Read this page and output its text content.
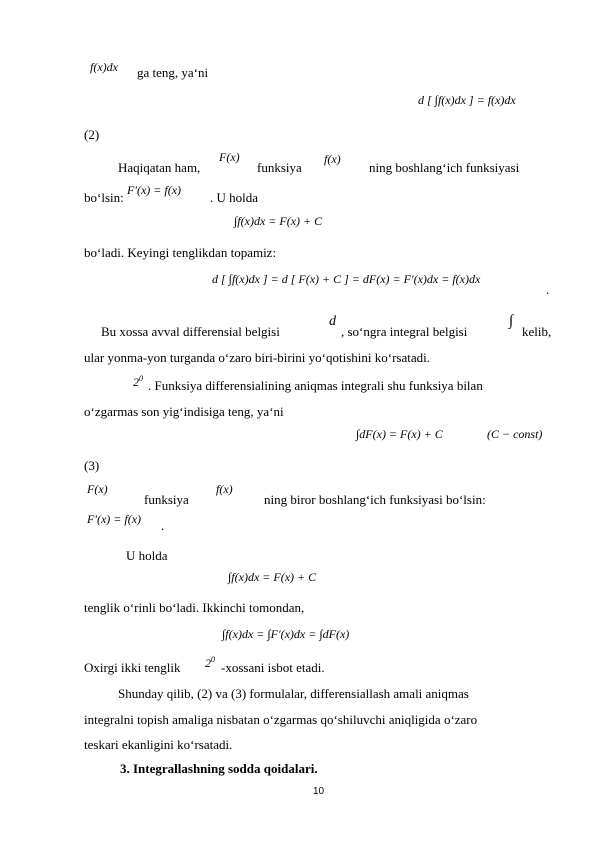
f(x)dx ga teng, ya‘ni
d [ ∫f(x)dx ] = f(x)dx
(2)
Haqiqatan ham,
F(x)
funksiya
f(x)
ning boshlang‘ich funksiyasi
bo‘lsin: F′(x) = f(x) . U holda
∫f(x)dx = F(x) + C
bo‘ladi. Keyingi tenglikdan topamiz:
d [ ∫f(x)dx ] = d [ F(x) + C ] = dF(x) = F′(x)dx = f(x)dx
.
Bu xossa avval differensial belgisi
d
, so‘ngra integral belgisi
∫
kelib,
ular yonma-yon turganda o‘zaro biri-birini yo‘qotishini ko‘rsatadi.
$2^0$ . Funksiya differensialining aniqmas integrali shu funksiya bilan
o‘zgarmas son yig‘indisiga teng, ya‘ni
∫dF(x) = F(x) + C	(C − const)
(3)
F(x)
funksiya
f(x)
ning biror boshlang‘ich funksiyasi bo‘lsin:
F′(x) = f(x) .
U holda
∫f(x)dx = F(x) + C
tenglik o‘rinli bo‘ladi. Ikkinchi tomondan,
∫f(x)dx = ∫F′(x)dx = ∫dF(x)
Oxirgi ikki tenglik $2^0$
-xossani isbot etadi.
Shunday qilib, (2) va (3) formulalar, differensiallash amali aniqmas
integralni topish amaliga nisbatan o‘zgarmas qo‘shiluvchi aniqligida o‘zaro
teskari ekanligini ko‘rsatadi.
3. Integrallashning sodda qoidalari.
10
